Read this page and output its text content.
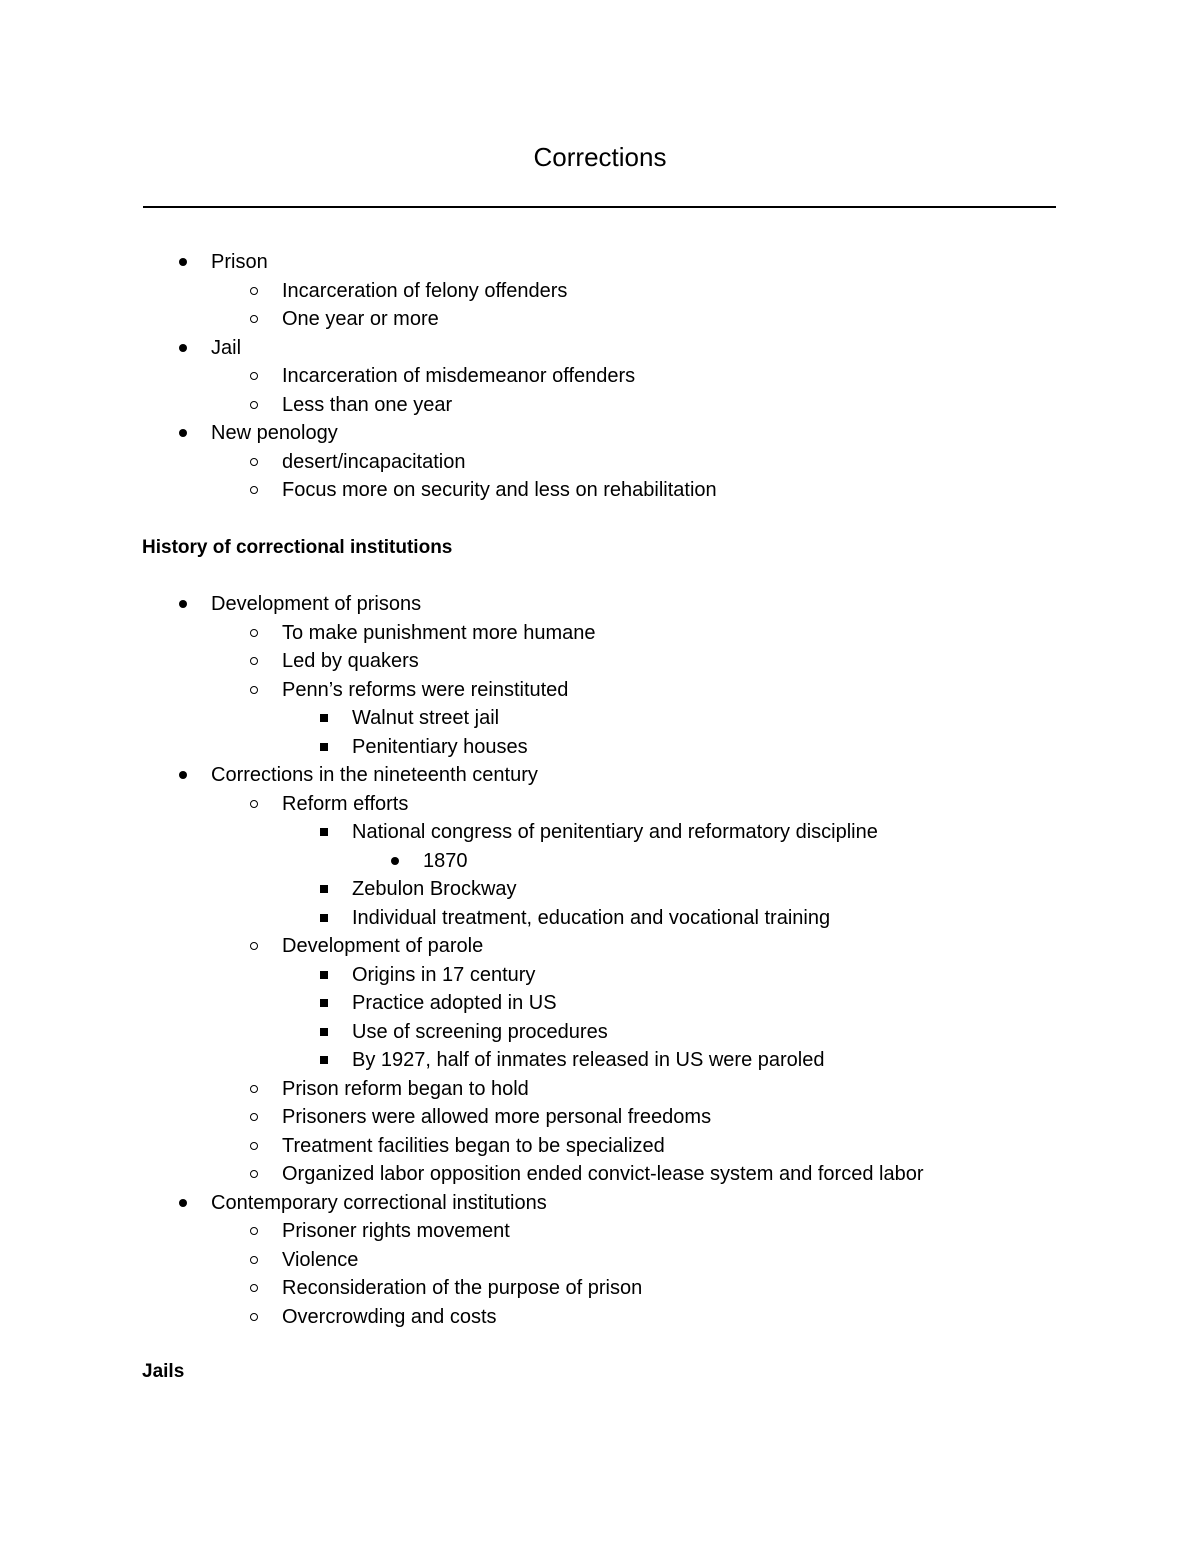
Corrections
Prison
Incarceration of felony offenders
One year or more
Jail
Incarceration of misdemeanor offenders
Less than one year
New penology
desert/incapacitation
Focus more on security and less on rehabilitation
History of correctional institutions
Development of prisons
To make punishment more humane
Led by quakers
Penn’s reforms were reinstituted
Walnut street jail
Penitentiary houses
Corrections in the nineteenth century
Reform efforts
National congress of penitentiary and reformatory discipline
1870
Zebulon Brockway
Individual treatment, education and vocational training
Development of parole
Origins in 17 century
Practice adopted in US
Use of screening procedures
By 1927, half of inmates released in US were paroled
Prison reform began to hold
Prisoners were allowed more personal freedoms
Treatment facilities began to be specialized
Organized labor opposition ended convict-lease system and forced labor
Contemporary correctional institutions
Prisoner rights movement
Violence
Reconsideration of the purpose of prison
Overcrowding and costs
Jails
